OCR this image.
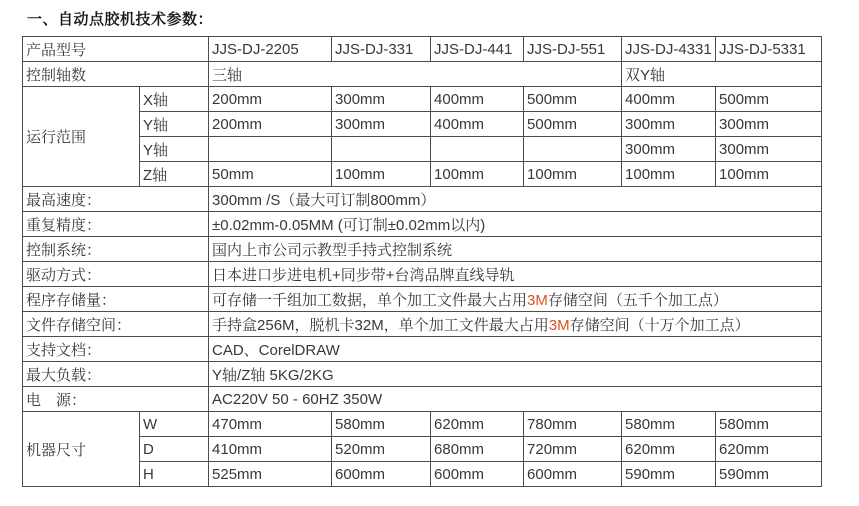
一、自动点胶机技术参数：
产品型号		JJS-DJ-2205	JJS-DJ-331	JJS-DJ-441	JJS-DJ-551	JJS-DJ-4331	JJS-DJ-5331
控制轴数		三轴				双Y轴	
运行范围	X轴	200mm	300mm	400mm	500mm	400mm	500mm
	Y轴	200mm	300mm	400mm	500mm	300mm	300mm
	Y轴					300mm	300mm
	Z轴	50mm	100mm	100mm	100mm	100mm	100mm
最高速度：		300mm /S（最大可订制800mm）					
重复精度：		±0.02mm-0.05MM (可订制±0.02mm以内)					
控制系统：		国内上市公司示教型手持式控制系统					
驱动方式：		日本进口步进电机+同步带+台湾品牌直线导轨					
程序存储量：		可存储一千组加工数据，单个加工文件最大占用3M存储空间（五千个加工点）					
文件存储空间：		手持盒256M，脱机卡32M，单个加工文件最大占用3M存储空间（十万个加工点）					
支持文档：		CAD、CorelDRAW					
最大负载：		Y轴/Z轴 5KG/2KG					
电　源：		AC220V 50 - 60HZ 350W					
机器尺寸	W	470mm	580mm	620mm	780mm	580mm	580mm
	D	410mm	520mm	680mm	720mm	620mm	620mm
	H	525mm	600mm	600mm	600mm	590mm	590mm
